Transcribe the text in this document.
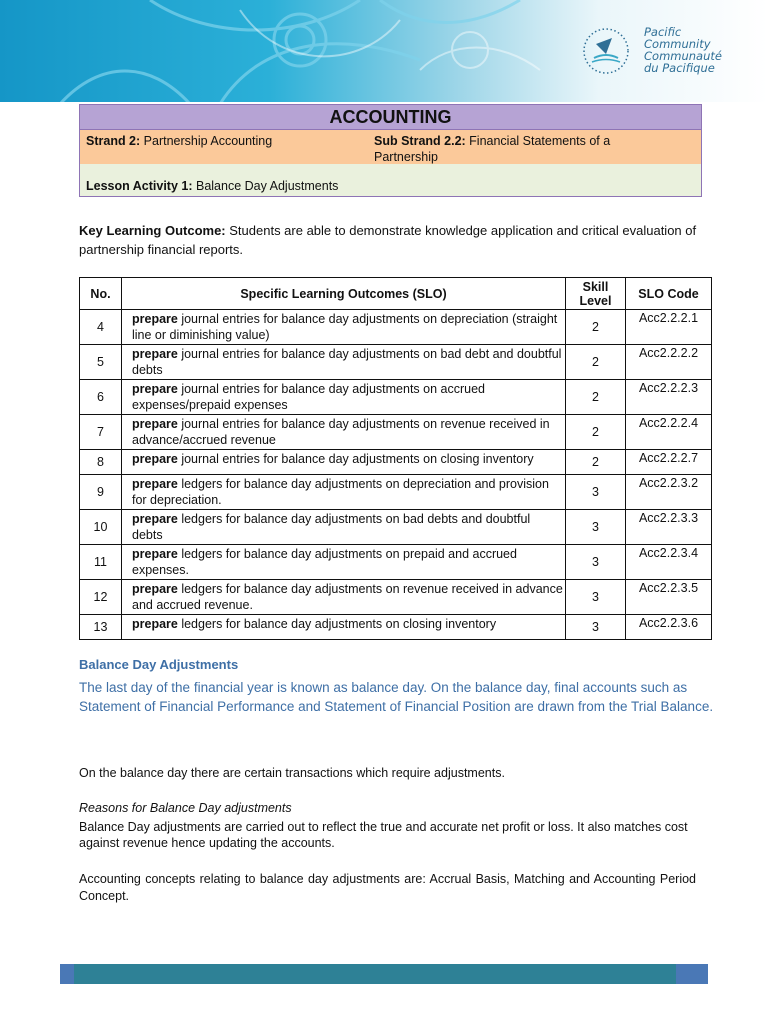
Pacific
Community
Communauté
du Pacifique
ACCOUNTING
Strand 2: Partnership Accounting	Sub Strand 2.2: Financial Statements of a Partnership
Lesson Activity 1: Balance Day Adjustments
Key Learning Outcome: Students are able to demonstrate knowledge application and critical evaluation of partnership financial reports.
No.	Specific Learning Outcomes (SLO)	Skill Level	SLO Code
4	prepare journal entries for balance day adjustments on depreciation (straight line or diminishing value)	2	Acc2.2.2.1
5	prepare journal entries for balance day adjustments on bad debt and doubtful debts	2	Acc2.2.2.2
6	prepare journal entries for balance day adjustments on accrued expenses/prepaid expenses	2	Acc2.2.2.3
7	prepare journal entries for balance day adjustments on revenue received in advance/accrued revenue	2	Acc2.2.2.4
8	prepare journal entries for balance day adjustments on closing inventory	2	Acc2.2.2.7
9	prepare ledgers for balance day adjustments on depreciation and provision for depreciation.	3	Acc2.2.3.2
10	prepare ledgers for balance day adjustments on bad debts and doubtful debts	3	Acc2.2.3.3
11	prepare ledgers for balance day adjustments on prepaid and accrued expenses.	3	Acc2.2.3.4
12	prepare ledgers for balance day adjustments on revenue received in advance and accrued revenue.	3	Acc2.2.3.5
13	prepare ledgers for balance day adjustments on closing inventory	3	Acc2.2.3.6
Balance Day Adjustments
The last day of the financial year is known as balance day. On the balance day, final accounts such as Statement of Financial Performance and Statement of Financial Position are drawn from the Trial Balance.
On the balance day there are certain transactions which require adjustments.
Reasons for Balance Day adjustments
Balance Day adjustments are carried out to reflect the true and accurate net profit or loss. It also matches cost against revenue hence updating the accounts.
Accounting concepts relating to balance day adjustments are: Accrual Basis, Matching and Accounting Period Concept.
